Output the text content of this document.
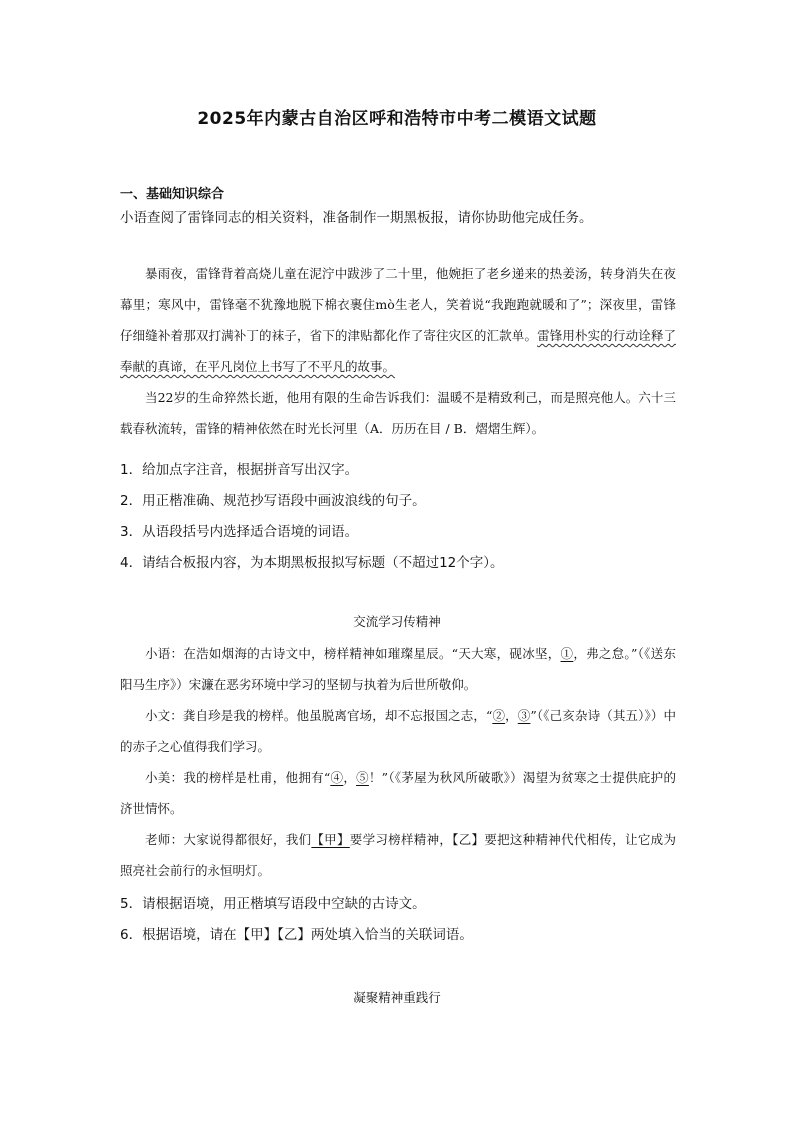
2025年内蒙古自治区呼和浩特市中考二模语文试题
一、基础知识综合
小语查阅了雷锋同志的相关资料，准备制作一期黑板报，请你协助他完成任务。

暴雨夜，雷锋背着高烧儿童在泥泞中跋涉了二十里，他婉拒了老乡递来的热姜汤，转身消失在夜幕里；寒风中，雷锋毫不犹豫地脱下棉衣裹住mò生老人，笑着说“我跑跑就暖和了”；深夜里，雷锋仔细缝补着那双打满补丁的袜子，省下的津贴都化作了寄往灾区的汇款单。雷锋用朴实的行动诠释了奉献的真谛，在平凡岗位上书写了不平凡的故事。

当22岁的生命猝然长逝，他用有限的生命告诉我们：温暖不是精致利己，而是照亮他人。六十三载春秋流转，雷锋的精神依然在时光长河里（A．历历在目 / B．熠熠生辉）。

1．给加点字注音，根据拼音写出汉字。
2．用正楷准确、规范抄写语段中画波浪线的句子。
3．从语段括号内选择适合语境的词语。
4．请结合板报内容，为本期黑板报拟写标题（不超过12个字）。
交流学习传精神

小语：在浩如烟海的古诗文中，榜样精神如璀璨星辰。“天大寒，砚冰坚，①，弗之怠。”（《送东阳马生序》）宋濂在恶劣环境中学习的坚韧与执着为后世所敬仰。

小文：龚自珍是我的榜样。他虽脱离官场，却不忘报国之志，“②，③”（《己亥杂诗（其五）》）中的赤子之心值得我们学习。

小美：我的榜样是杜甫，他拥有“④，⑤！”（《茅屋为秋风所破歌》）渴望为贫寒之士提供庇护的济世情怀。

老师：大家说得都很好，我们【甲】要学习榜样精神，【乙】要把这种精神代代相传，让它成为照亮社会前行的永恒明灯。

5．请根据语境，用正楷填写语段中空缺的古诗文。
6．根据语境，请在【甲】【乙】两处填入恰当的关联词语。
凝聚精神重践行
